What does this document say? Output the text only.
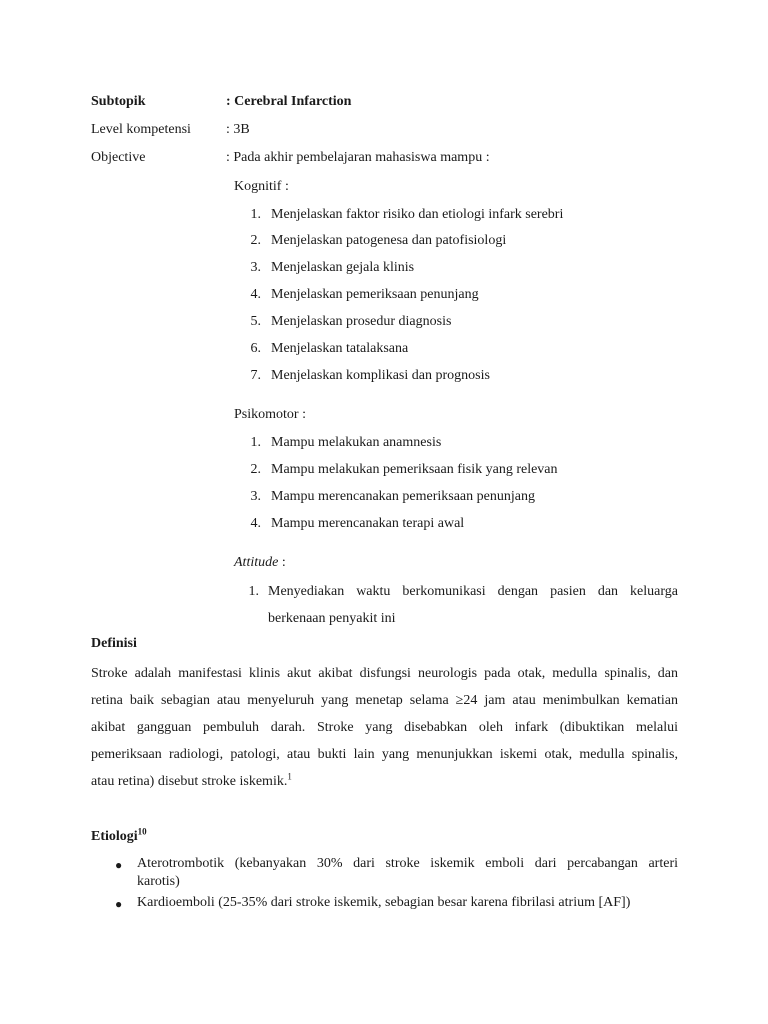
Subtopik	: Cerebral Infarction
Level kompetensi	: 3B
Objective	: Pada akhir pembelajaran mahasiswa mampu :
Kognitif :
1. Menjelaskan faktor risiko dan etiologi infark serebri
2. Menjelaskan patogenesa dan patofisiologi
3. Menjelaskan gejala klinis
4. Menjelaskan pemeriksaan penunjang
5. Menjelaskan prosedur diagnosis
6. Menjelaskan tatalaksana
7. Menjelaskan komplikasi dan prognosis
Psikomotor :
1. Mampu melakukan anamnesis
2. Mampu melakukan pemeriksaan fisik yang relevan
3. Mampu merencanakan pemeriksaan penunjang
4. Mampu merencanakan terapi awal
Attitude :
1. Menyediakan waktu berkomunikasi dengan pasien dan keluarga
berkenaan penyakit ini
Definisi
Stroke adalah manifestasi klinis akut akibat disfungsi neurologis pada otak, medulla spinalis, dan
retina baik sebagian atau menyeluruh yang menetap selama ≥24 jam atau menimbulkan kematian
akibat gangguan pembuluh darah. Stroke yang disebabkan oleh infark (dibuktikan melalui
pemeriksaan radiologi, patologi, atau bukti lain yang menunjukkan iskemi otak, medulla spinalis,
atau retina) disebut stroke iskemik.$^1$
Etiologi$^{10}$
● Aterotrombotik (kebanyakan 30% dari stroke iskemik emboli dari percabangan arteri
karotis)
● Kardioemboli (25-35% dari stroke iskemik, sebagian besar karena fibrilasi atrium [AF])
